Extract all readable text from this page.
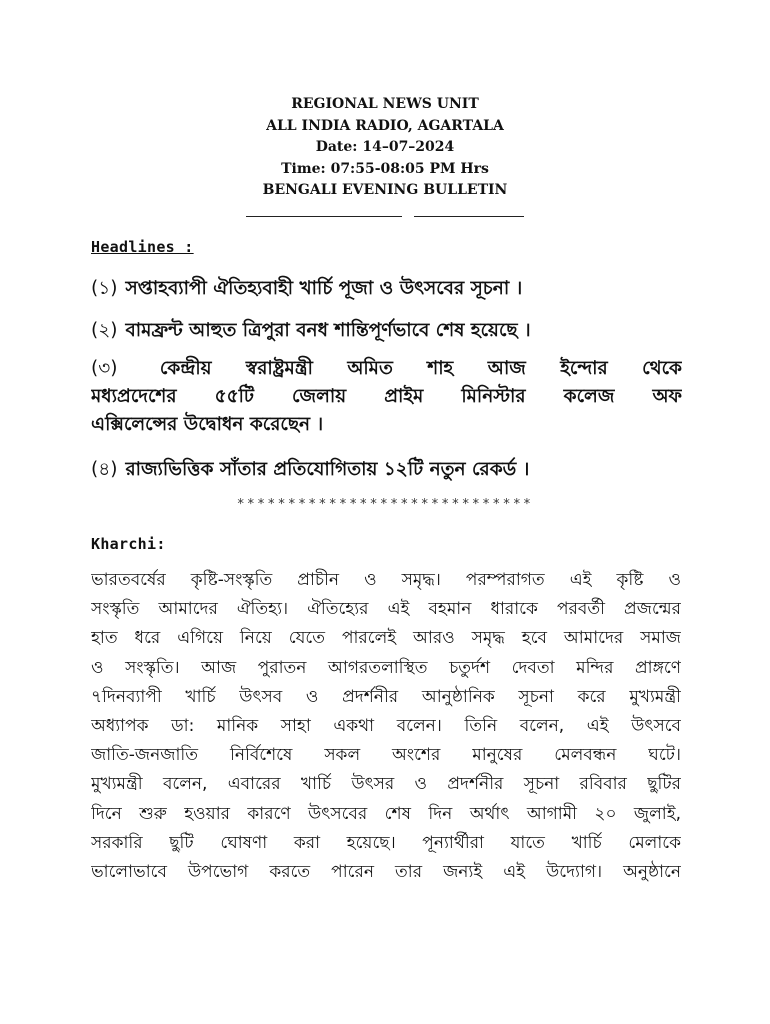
REGIONAL NEWS UNIT
ALL INDIA RADIO, AGARTALA
Date: 14–07–2024
Time: 07:55-08:05 PM Hrs
BENGALI EVENING BULLETIN
Headlines :
(১) সপ্তাহব্যাপী ঐতিহ্যবাহী খার্চি পূজা ও উৎসবের সূচনা ।
(২) বামফ্রন্ট আহুত ত্রিপুরা বনধ শান্তিপূর্ণভাবে শেষ হয়েছে ।
(৩) কেন্দ্রীয় স্বরাষ্ট্রমন্ত্রী অমিত শাহ আজ ইন্দোর থেকে
মধ্যপ্রদেশের ৫৫টি জেলায় প্রাইম মিনিস্টার কলেজ অফ
এক্সিলেন্সের উদ্বোধন করেছেন ।
(৪) রাজ্যভিত্তিক সাঁতার প্রতিযোগিতায় ১২টি নতুন রেকর্ড ।
*****************************
Kharchi:
ভারতবর্ষের কৃষ্টি-সংস্কৃতি প্রাচীন ও সমৃদ্ধ। পরম্পরাগত এই কৃষ্টি ও
সংস্কৃতি আমাদের ঐতিহ্য। ঐতিহ্যের এই বহমান ধারাকে পরবর্তী প্রজন্মের
হাত ধরে এগিয়ে নিয়ে যেতে পারলেই আরও সমৃদ্ধ হবে আমাদের সমাজ
ও সংস্কৃতি। আজ পুরাতন আগরতলাস্থিত চতুর্দশ দেবতা মন্দির প্রাঙ্গণে
৭দিনব্যাপী খার্চি উৎসব ও প্রদর্শনীর আনুষ্ঠানিক সূচনা করে মুখ্যমন্ত্রী
অধ্যাপক ডা: মানিক সাহা একথা বলেন। তিনি বলেন, এই উৎসবে
জাতি-জনজাতি নির্বিশেষে সকল অংশের মানুষের মেলবন্ধন ঘটে।
মুখ্যমন্ত্রী বলেন, এবারের খার্চি উৎসর ও প্রদর্শনীর সূচনা রবিবার ছুটির
দিনে শুরু হওয়ার কারণে উৎসবের শেষ দিন অর্থাৎ আগামী ২০ জুলাই,
সরকারি ছুটি ঘোষণা করা হয়েছে। পূন্যার্থীরা যাতে খার্চি মেলাকে
ভালোভাবে উপভোগ করতে পারেন তার জন্যই এই উদ্যোগ। অনুষ্ঠানে
